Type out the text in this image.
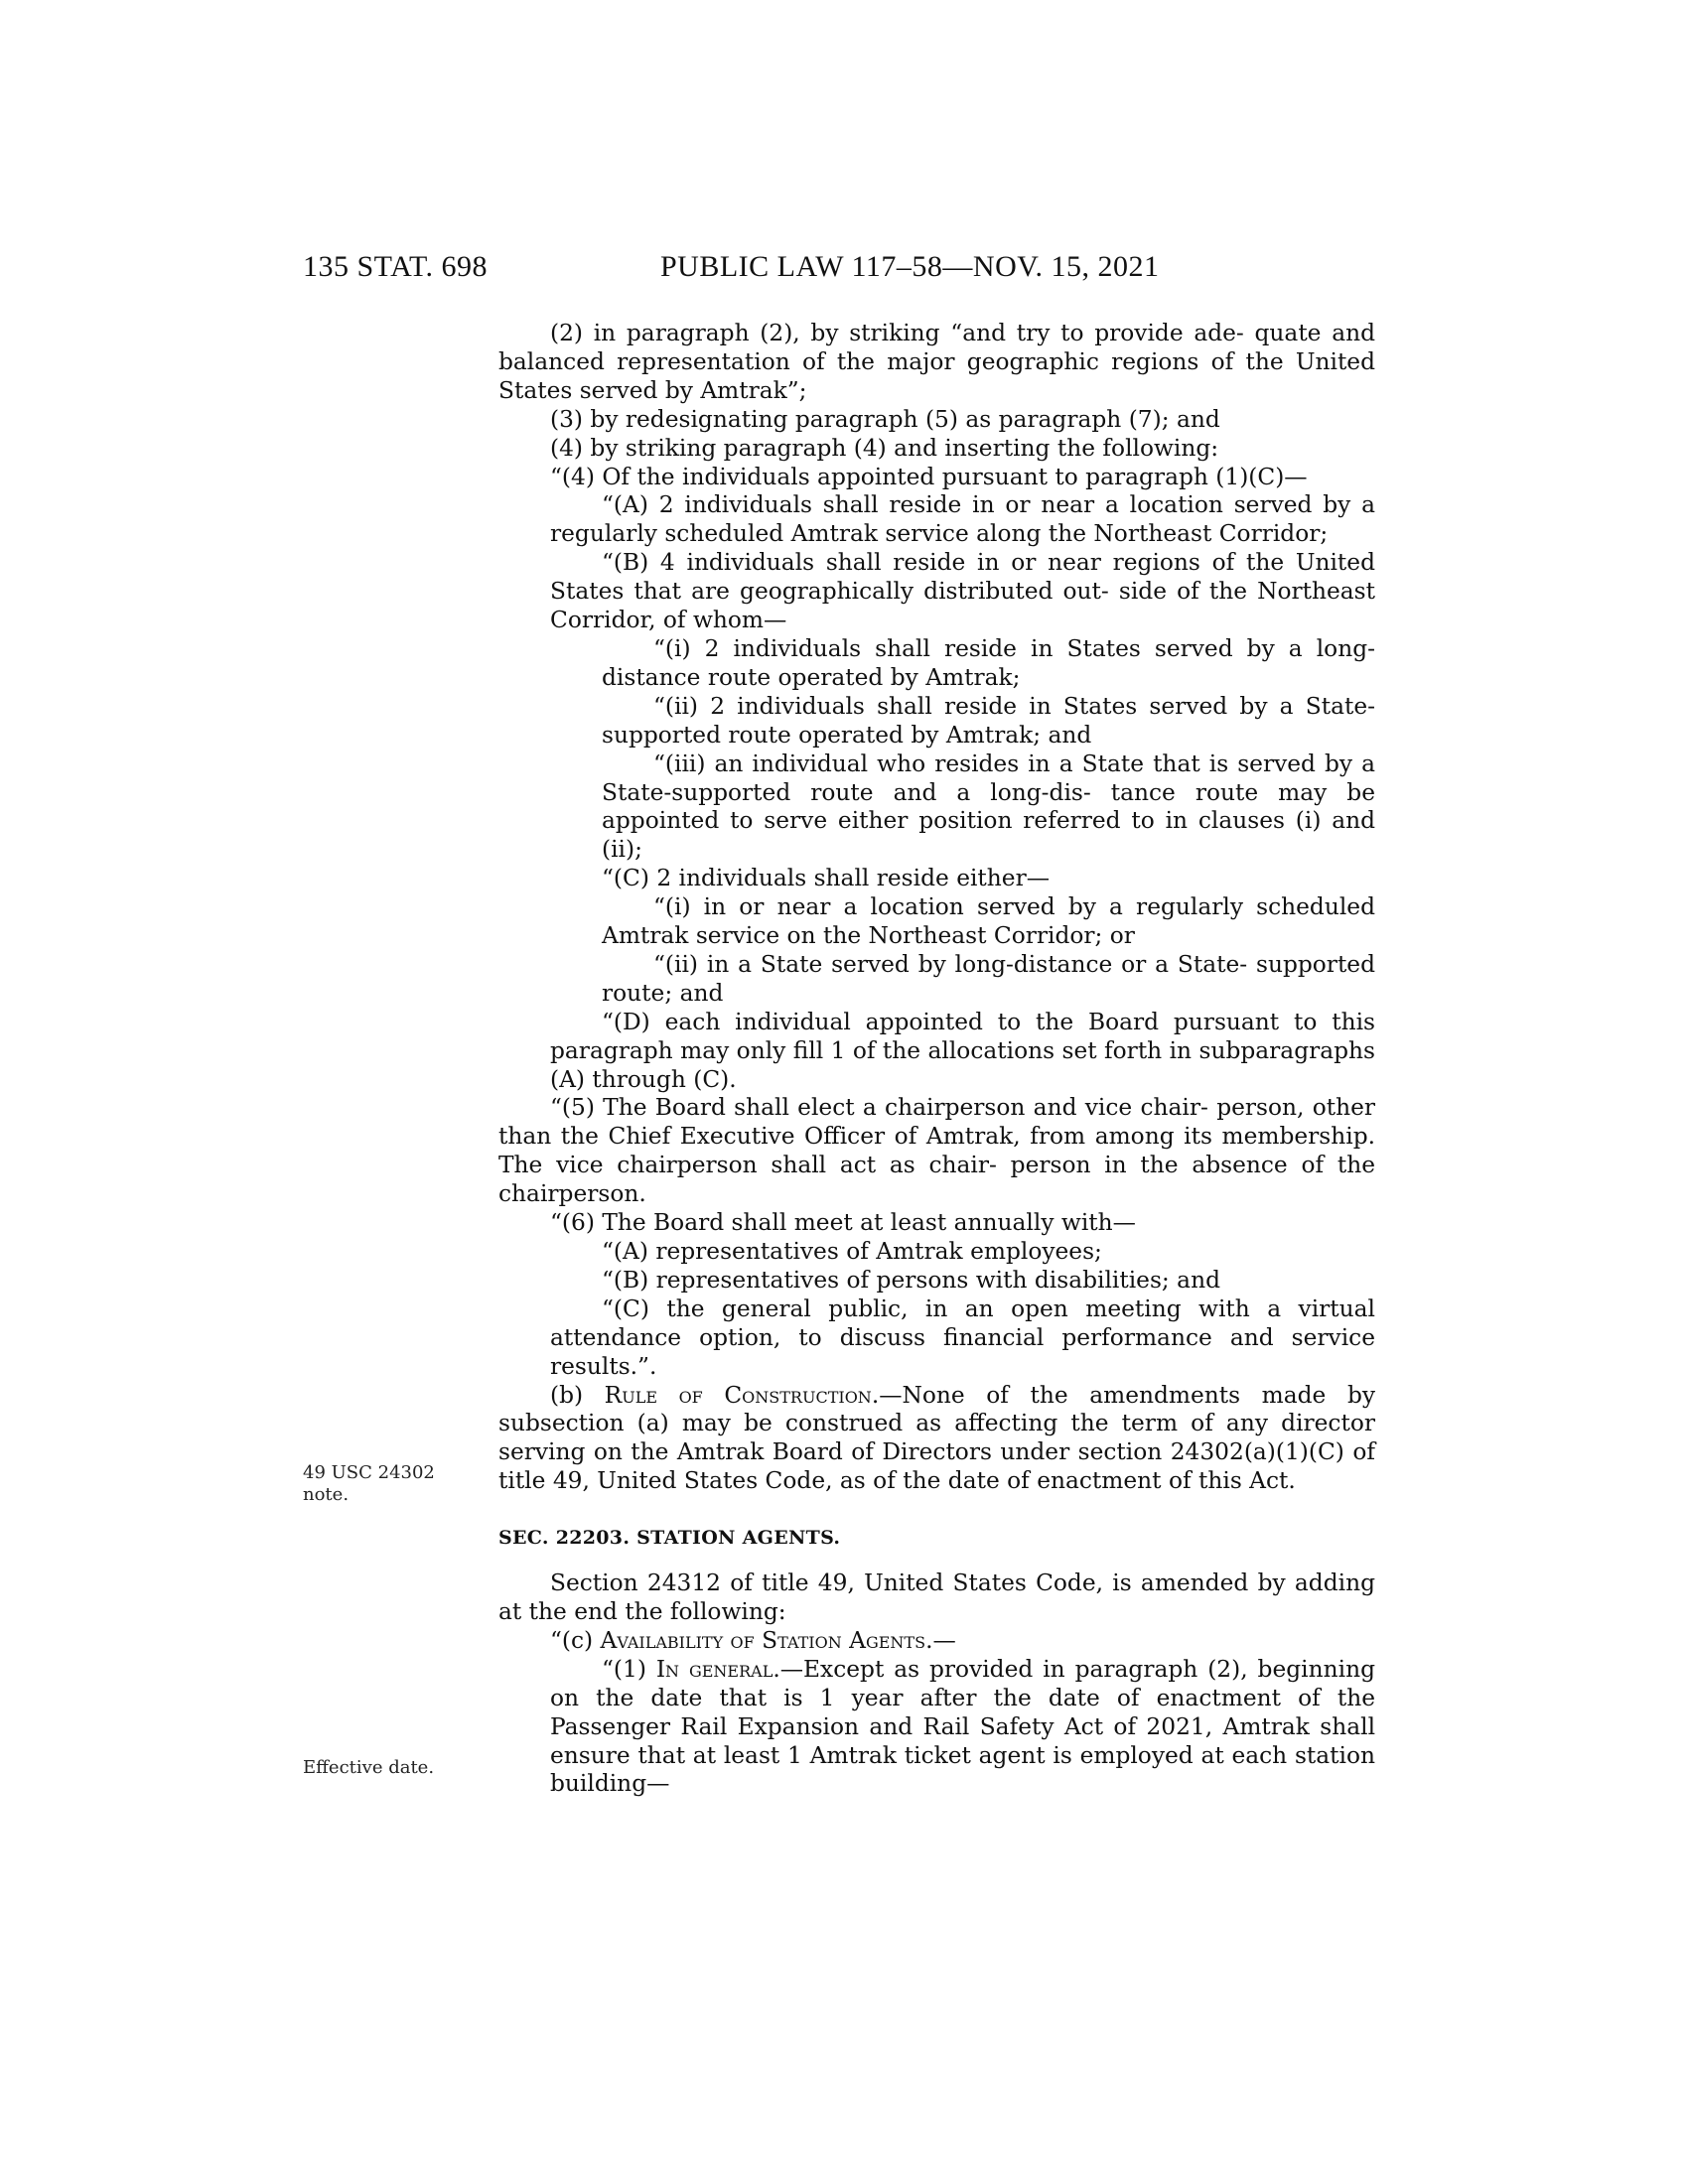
135 STAT. 698	PUBLIC LAW 117–58—NOV. 15, 2021
49 USC 24302
note.
Effective date.

(2) in paragraph (2), by striking “and try to provide ade- quate and balanced representation of the major geographic regions of the United States served by Amtrak”;

(3) by redesignating paragraph (5) as paragraph (7); and

(4) by striking paragraph (4) and inserting the following:

“(4) Of the individuals appointed pursuant to paragraph (1)(C)—

“(A) 2 individuals shall reside in or near a location served by a regularly scheduled Amtrak service along the Northeast Corridor;

“(B) 4 individuals shall reside in or near regions of the United States that are geographically distributed out- side of the Northeast Corridor, of whom—

“(i) 2 individuals shall reside in States served by a long-distance route operated by Amtrak;

“(ii) 2 individuals shall reside in States served by a State-supported route operated by Amtrak; and

“(iii) an individual who resides in a State that is served by a State-supported route and a long-dis- tance route may be appointed to serve either position referred to in clauses (i) and (ii);

“(C) 2 individuals shall reside either—

“(i) in or near a location served by a regularly scheduled Amtrak service on the Northeast Corridor; or

“(ii) in a State served by long-distance or a State- supported route; and

“(D) each individual appointed to the Board pursuant to this paragraph may only fill 1 of the allocations set forth in subparagraphs (A) through (C).

“(5) The Board shall elect a chairperson and vice chair- person, other than the Chief Executive Officer of Amtrak, from among its membership. The vice chairperson shall act as chair- person in the absence of the chairperson.

“(6) The Board shall meet at least annually with—

“(A) representatives of Amtrak employees;

“(B) representatives of persons with disabilities; and

“(C) the general public, in an open meeting with a virtual attendance option, to discuss financial performance and service results.”.

(b) Rule of Construction.—None of the amendments made by subsection (a) may be construed as affecting the term of any director serving on the Amtrak Board of Directors under section 24302(a)(1)(C) of title 49, United States Code, as of the date of enactment of this Act.

SEC. 22203. STATION AGENTS.

Section 24312 of title 49, United States Code, is amended by adding at the end the following:

“(c) Availability of Station Agents.—

“(1) In general.—Except as provided in paragraph (2), beginning on the date that is 1 year after the date of enactment of the Passenger Rail Expansion and Rail Safety Act of 2021, Amtrak shall ensure that at least 1 Amtrak ticket agent is employed at each station building—
